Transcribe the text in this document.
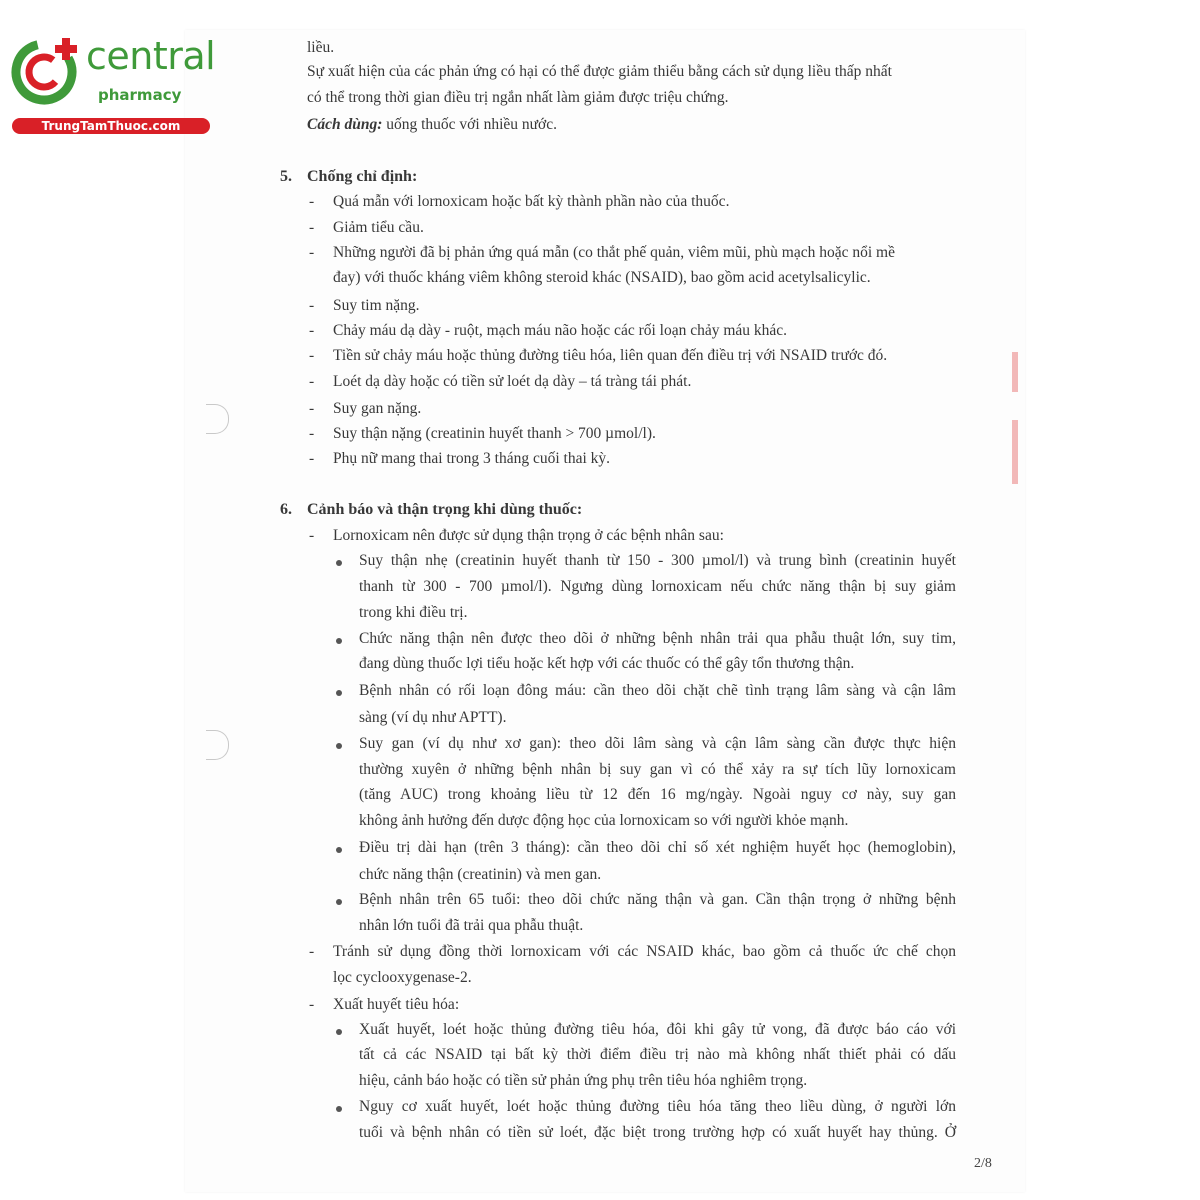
central
pharmacy
TrungTamThuoc.com
liều.
Sự xuất hiện của các phản ứng có hại có thể được giảm thiểu bằng cách sử dụng liều thấp nhất
có thể trong thời gian điều trị ngắn nhất làm giảm được triệu chứng.
Cách dùng: uống thuốc với nhiều nước.
5. Chống chỉ định:
- Quá mẫn với lornoxicam hoặc bất kỳ thành phần nào của thuốc.
- Giảm tiểu cầu.
- Những người đã bị phản ứng quá mẫn (co thắt phế quản, viêm mũi, phù mạch hoặc nổi mề
đay) với thuốc kháng viêm không steroid khác (NSAID), bao gồm acid acetylsalicylic.
- Suy tim nặng.
- Chảy máu dạ dày - ruột, mạch máu não hoặc các rối loạn chảy máu khác.
- Tiền sử chảy máu hoặc thủng đường tiêu hóa, liên quan đến điều trị với NSAID trước đó.
- Loét dạ dày hoặc có tiền sử loét dạ dày – tá tràng tái phát.
- Suy gan nặng.
- Suy thận nặng (creatinin huyết thanh > 700 µmol/l).
- Phụ nữ mang thai trong 3 tháng cuối thai kỳ.
6. Cảnh báo và thận trọng khi dùng thuốc:
- Lornoxicam nên được sử dụng thận trọng ở các bệnh nhân sau:
Suy thận nhẹ (creatinin huyết thanh từ 150 - 300 µmol/l) và trung bình (creatinin huyết
thanh từ 300 - 700 µmol/l). Ngưng dùng lornoxicam nếu chức năng thận bị suy giảm
trong khi điều trị.
Chức năng thận nên được theo dõi ở những bệnh nhân trải qua phẫu thuật lớn, suy tim,
đang dùng thuốc lợi tiểu hoặc kết hợp với các thuốc có thể gây tổn thương thận.
Bệnh nhân có rối loạn đông máu: cần theo dõi chặt chẽ tình trạng lâm sàng và cận lâm
sàng (ví dụ như APTT).
Suy gan (ví dụ như xơ gan): theo dõi lâm sàng và cận lâm sàng cần được thực hiện
thường xuyên ở những bệnh nhân bị suy gan vì có thể xảy ra sự tích lũy lornoxicam
(tăng AUC) trong khoảng liều từ 12 đến 16 mg/ngày. Ngoài nguy cơ này, suy gan
không ảnh hưởng đến dược động học của lornoxicam so với người khỏe mạnh.
Điều trị dài hạn (trên 3 tháng): cần theo dõi chỉ số xét nghiệm huyết học (hemoglobin),
chức năng thận (creatinin) và men gan.
Bệnh nhân trên 65 tuổi: theo dõi chức năng thận và gan. Cần thận trọng ở những bệnh
nhân lớn tuổi đã trải qua phẫu thuật.
- Tránh sử dụng đồng thời lornoxicam với các NSAID khác, bao gồm cả thuốc ức chế chọn
lọc cyclooxygenase-2.
- Xuất huyết tiêu hóa:
Xuất huyết, loét hoặc thủng đường tiêu hóa, đôi khi gây tử vong, đã được báo cáo với
tất cả các NSAID tại bất kỳ thời điểm điều trị nào mà không nhất thiết phải có dấu
hiệu, cảnh báo hoặc có tiền sử phản ứng phụ trên tiêu hóa nghiêm trọng.
Nguy cơ xuất huyết, loét hoặc thủng đường tiêu hóa tăng theo liều dùng, ở người lớn
tuổi và bệnh nhân có tiền sử loét, đặc biệt trong trường hợp có xuất huyết hay thủng. Ở
2/8
